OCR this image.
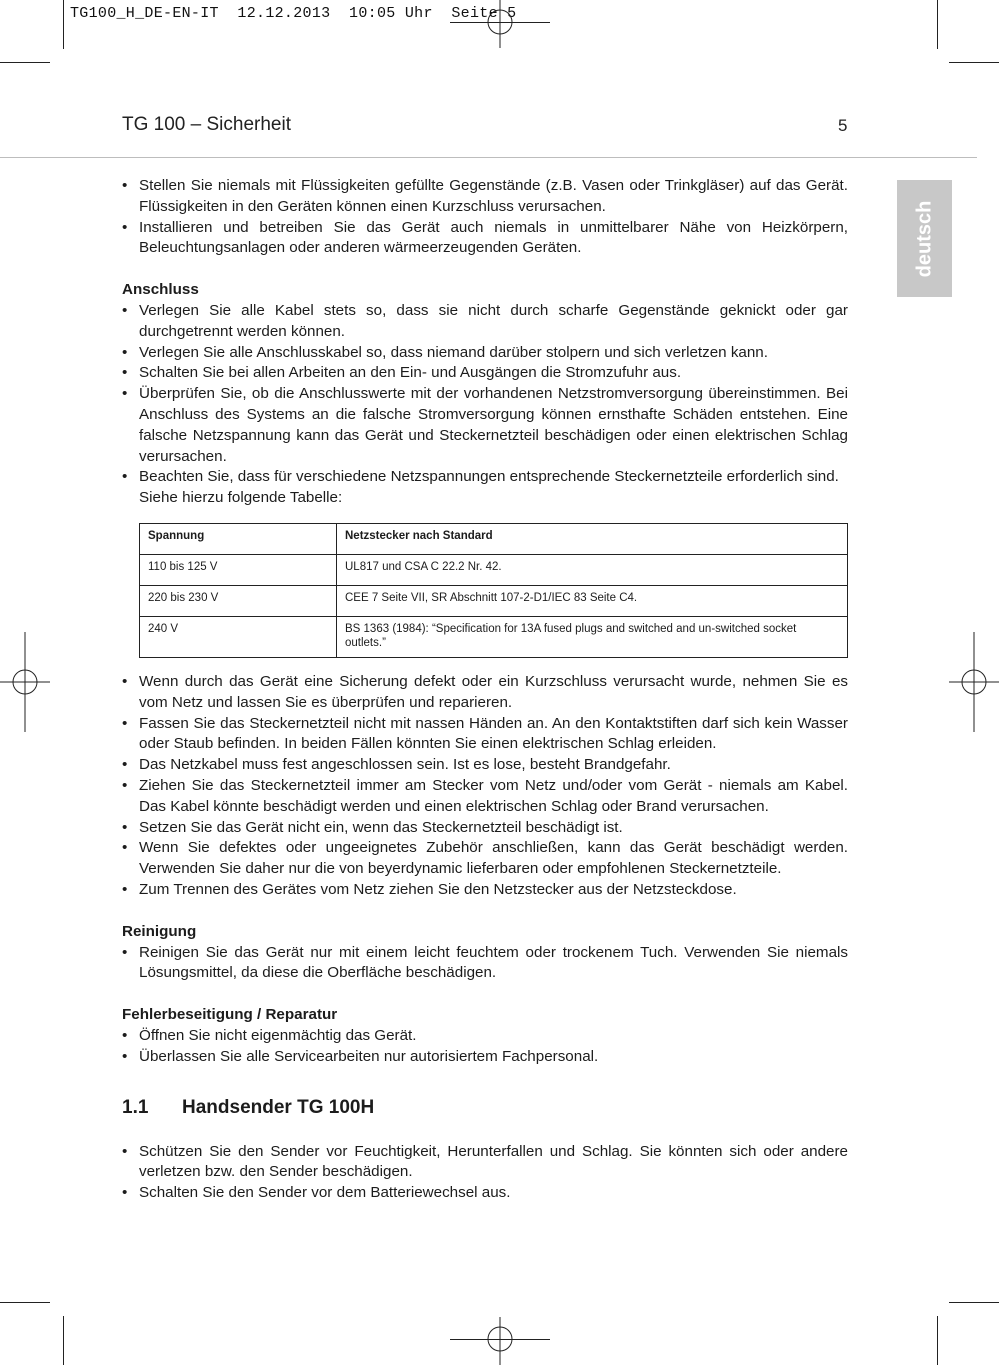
TG100_H_DE-EN-IT  12.12.2013  10:05 Uhr  Seite 5
TG 100 – Sicherheit	5
deutsch
• Stellen Sie niemals mit Flüssigkeiten gefüllte Gegenstände (z.B. Vasen oder Trinkgläser) auf das Gerät. Flüssigkeiten in den Geräten können einen Kurzschluss verursachen.
• Installieren und betreiben Sie das Gerät auch niemals in unmittelbarer Nähe von Heizkörpern, Beleuchtungsanlagen oder anderen wärmeerzeugenden Geräten.
Anschluss
• Verlegen Sie alle Kabel stets so, dass sie nicht durch scharfe Gegenstände geknickt oder gar durchgetrennt werden können.
• Verlegen Sie alle Anschlusskabel so, dass niemand darüber stolpern und sich verletzen kann.
• Schalten Sie bei allen Arbeiten an den Ein- und Ausgängen die Stromzufuhr aus.
• Überprüfen Sie, ob die Anschlusswerte mit der vorhandenen Netzstromversorgung übereinstimmen. Bei Anschluss des Systems an die falsche Stromversorgung können ernsthafte Schäden entstehen. Eine falsche Netzspannung kann das Gerät und Steckernetzteil beschädigen oder einen elektrischen Schlag verursachen.
• Beachten Sie, dass für verschiedene Netzspannungen entsprechende Steckernetzteile erforderlich sind.

Siehe hierzu folgende Tabelle:

Spannung	Netzstecker nach Standard
110 bis 125 V	UL817 und CSA C 22.2 Nr. 42.
220 bis 230 V	CEE 7 Seite VII, SR Abschnitt 107-2-D1/IEC 83 Seite C4.
240 V	BS 1363 (1984): “Specification for 13A fused plugs and switched and un-switched socket outlets.”
• Wenn durch das Gerät eine Sicherung defekt oder ein Kurzschluss verursacht wurde, nehmen Sie es vom Netz und lassen Sie es überprüfen und reparieren.
• Fassen Sie das Steckernetzteil nicht mit nassen Händen an. An den Kontaktstiften darf sich kein Wasser oder Staub befinden. In beiden Fällen könnten Sie einen elektrischen Schlag erleiden.
• Das Netzkabel muss fest angeschlossen sein. Ist es lose, besteht Brandgefahr.
• Ziehen Sie das Steckernetzteil immer am Stecker vom Netz und/oder vom Gerät - niemals am Kabel. Das Kabel könnte beschädigt werden und einen elektrischen Schlag oder Brand verursachen.
• Setzen Sie das Gerät nicht ein, wenn das Steckernetzteil beschädigt ist.
• Wenn Sie defektes oder ungeeignetes Zubehör anschließen, kann das Gerät beschädigt werden. Verwenden Sie daher nur die von beyerdynamic lieferbaren oder empfohlenen Steckernetzteile.
• Zum Trennen des Gerätes vom Netz ziehen Sie den Netzstecker aus der Netzsteckdose.
Reinigung
• Reinigen Sie das Gerät nur mit einem leicht feuchtem oder trockenem Tuch. Verwenden Sie niemals Lösungsmittel, da diese die Oberfläche beschädigen.
Fehlerbeseitigung / Reparatur
• Öffnen Sie nicht eigenmächtig das Gerät.
• Überlassen Sie alle Servicearbeiten nur autorisiertem Fachpersonal.
1.1 Handsender TG 100H
• Schützen Sie den Sender vor Feuchtigkeit, Herunterfallen und Schlag. Sie könnten sich oder andere verletzen bzw. den Sender beschädigen.
• Schalten Sie den Sender vor dem Batteriewechsel aus.
